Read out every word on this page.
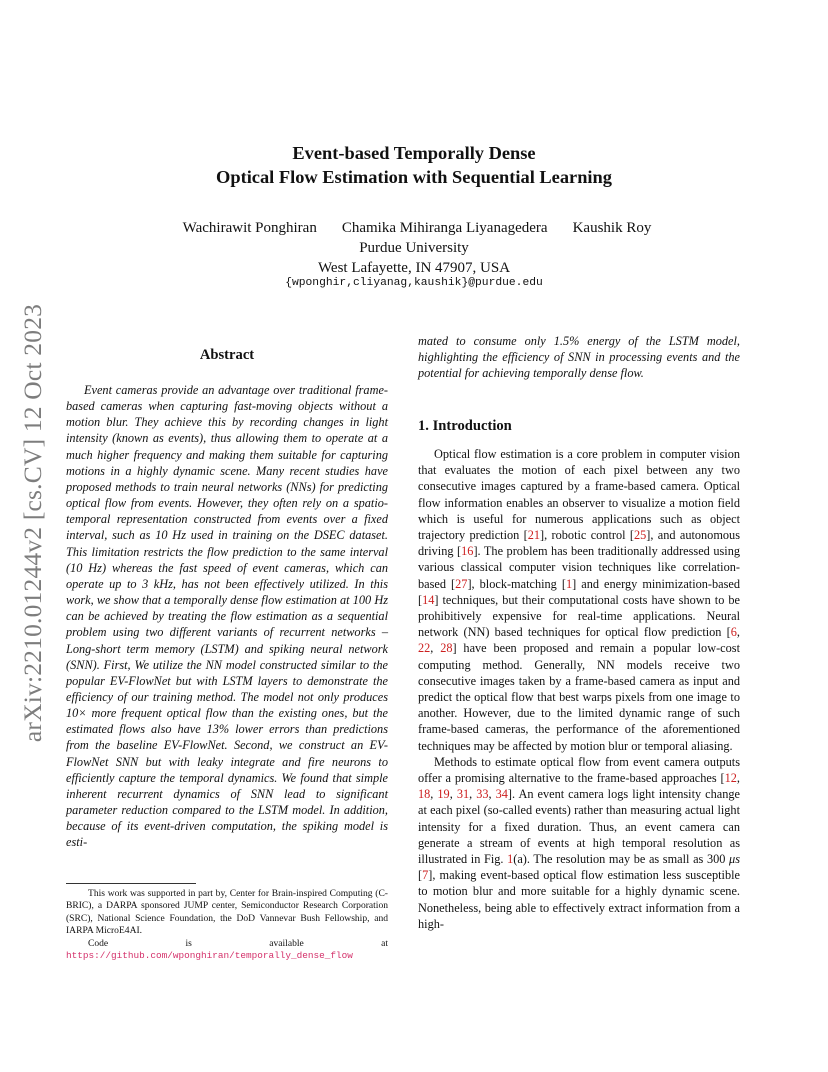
arXiv:2210.01244v2 [cs.CV] 12 Oct 2023
Event-based Temporally Dense
Optical Flow Estimation with Sequential Learning
Wachirawit Ponghiran Chamika Mihiranga Liyanagedera Kaushik Roy
Purdue University
West Lafayette, IN 47907, USA
{wponghir,cliyanag,kaushik}@purdue.edu
Abstract
Event cameras provide an advantage over traditional frame-based cameras when capturing fast-moving objects without a motion blur. They achieve this by recording changes in light intensity (known as events), thus allowing them to operate at a much higher frequency and making them suitable for capturing motions in a highly dynamic scene. Many recent studies have proposed methods to train neural networks (NNs) for predicting optical flow from events. However, they often rely on a spatio-temporal representation constructed from events over a fixed interval, such as 10 Hz used in training on the DSEC dataset. This limitation restricts the flow prediction to the same interval (10 Hz) whereas the fast speed of event cameras, which can operate up to 3 kHz, has not been effectively utilized. In this work, we show that a temporally dense flow estimation at 100 Hz can be achieved by treating the flow estimation as a sequential problem using two different variants of recurrent networks – Long-short term memory (LSTM) and spiking neural network (SNN). First, We utilize the NN model constructed similar to the popular EV-FlowNet but with LSTM layers to demonstrate the efficiency of our training method. The model not only produces 10× more frequent optical flow than the existing ones, but the estimated flows also have 13% lower errors than predictions from the baseline EV-FlowNet. Second, we construct an EV-FlowNet SNN but with leaky integrate and fire neurons to efficiently capture the temporal dynamics. We found that simple inherent recurrent dynamics of SNN lead to significant parameter reduction compared to the LSTM model. In addition, because of its event-driven computation, the spiking model is esti-

This work was supported in part by, Center for Brain-inspired Computing (C-BRIC), a DARPA sponsored JUMP center, Semiconductor Research Corporation (SRC), National Science Foundation, the DoD Vannevar Bush Fellowship, and IARPA MicroE4AI.

Code is available at https://github.com/wponghiran/temporally_dense_flow

mated to consume only 1.5% energy of the LSTM model, highlighting the efficiency of SNN in processing events and the potential for achieving temporally dense flow.
1. Introduction

Optical flow estimation is a core problem in computer vision that evaluates the motion of each pixel between any two consecutive images captured by a frame-based camera. Optical flow information enables an observer to visualize a motion field which is useful for numerous applications such as object trajectory prediction [21], robotic control [25], and autonomous driving [16]. The problem has been traditionally addressed using various classical computer vision techniques like correlation-based [27], block-matching [1] and energy minimization-based [14] techniques, but their computational costs have shown to be prohibitively expensive for real-time applications. Neural network (NN) based techniques for optical flow prediction [6, 22, 28] have been proposed and remain a popular low-cost computing method. Generally, NN models receive two consecutive images taken by a frame-based camera as input and predict the optical flow that best warps pixels from one image to another. However, due to the limited dynamic range of such frame-based cameras, the performance of the aforementioned techniques may be affected by motion blur or temporal aliasing.

Methods to estimate optical flow from event camera outputs offer a promising alternative to the frame-based approaches [12, 18, 19, 31, 33, 34]. An event camera logs light intensity change at each pixel (so-called events) rather than measuring actual light intensity for a fixed duration. Thus, an event camera can generate a stream of events at high temporal resolution as illustrated in Fig. 1(a). The resolution may be as small as 300 μs [7], making event-based optical flow estimation less susceptible to motion blur and more suitable for a highly dynamic scene. Nonetheless, being able to effectively extract information from a high-
